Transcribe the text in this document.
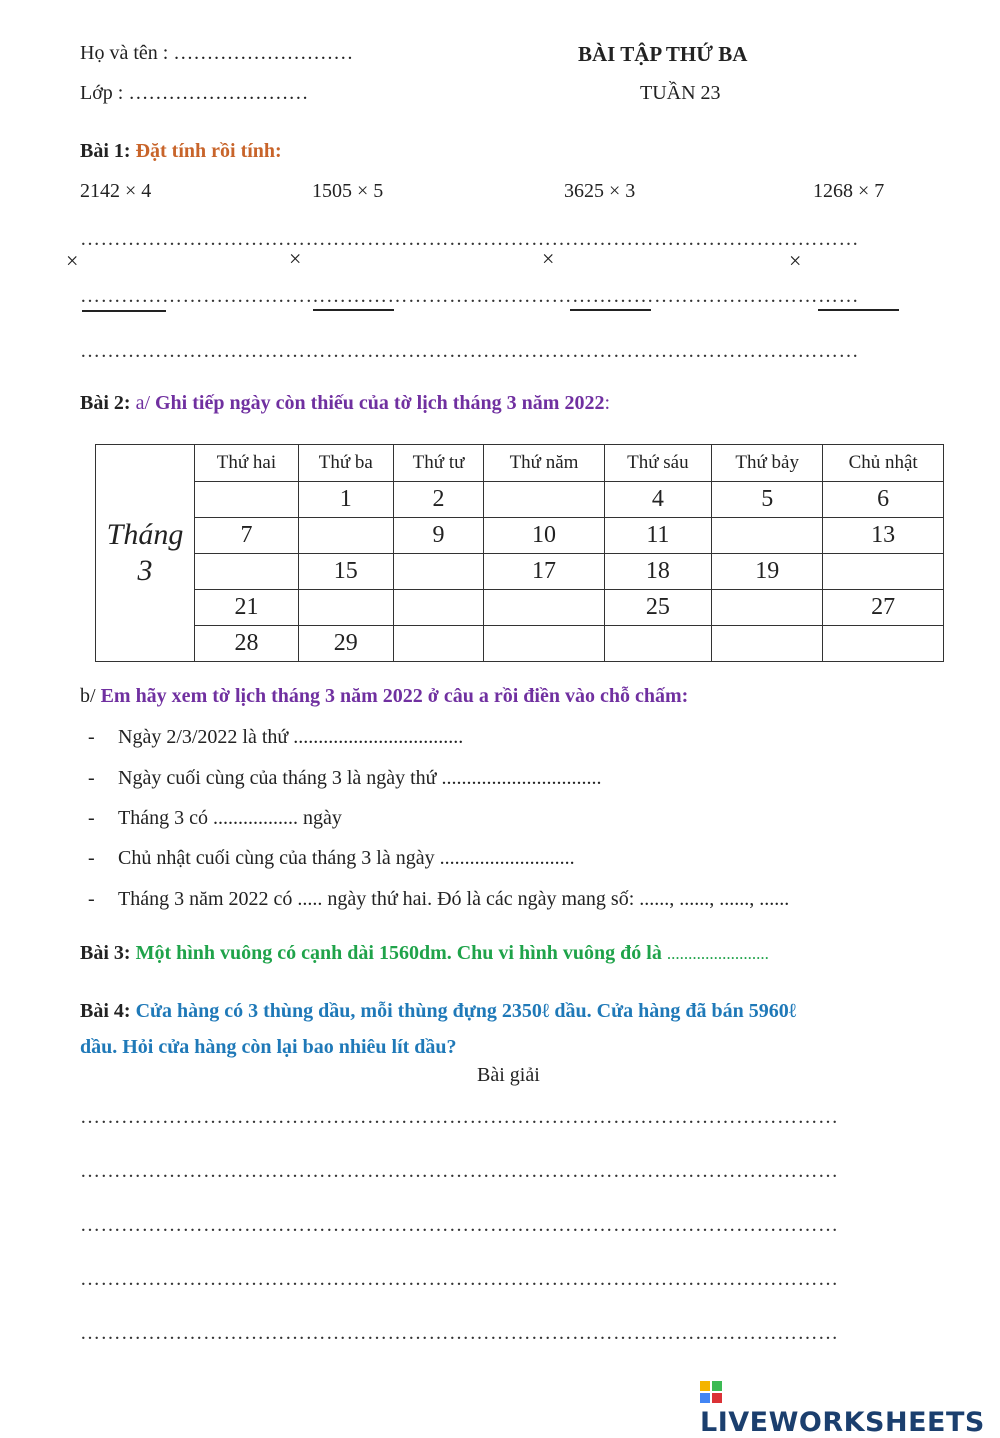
Họ và tên : ………………………
Lớp : ………………………
BÀI TẬP THỨ BA
TUẦN 23
Bài 1: Đặt tính rồi tính:
2142 × 4	1505 × 5	3625 × 3	1268 × 7
……………………………………………………………………………………………………
×	×	×	×
……………………………………………………………………………………………………
……………………………………………………………………………………………………
Bài 2: a/ Ghi tiếp ngày còn thiếu của tờ lịch tháng 3 năm 2022:
Tháng
3	Thứ hai	Thứ ba	Thứ tư	Thứ năm	Thứ sáu	Thứ bảy	Chủ nhật
		1	2		4	5	6
	7		9	10	11		13
		15		17	18	19	
	21				25		27
	28	29					
b/ Em hãy xem tờ lịch tháng 3 năm 2022 ở câu a rồi điền vào chỗ chấm:
- Ngày 2/3/2022 là thứ ..................................
- Ngày cuối cùng của tháng 3 là ngày thứ ................................
- Tháng 3 có ................. ngày
- Chủ nhật cuối cùng của tháng 3 là ngày ...........................
- Tháng 3 năm 2022 có ..... ngày thứ hai. Đó là các ngày mang số: ......, ......, ......, ......
Bài 3: Một hình vuông có cạnh dài 1560dm. Chu vi hình vuông đó là ........................
Bài 4: Cửa hàng có 3 thùng dầu, mỗi thùng đựng 2350ℓ dầu. Cửa hàng đã bán 5960ℓ
dầu. Hỏi cửa hàng còn lại bao nhiêu lít dầu?
Bài giải
…………………………………………………………………………………………………
…………………………………………………………………………………………………
…………………………………………………………………………………………………
…………………………………………………………………………………………………
…………………………………………………………………………………………………
LIVEWORKSHEETS
